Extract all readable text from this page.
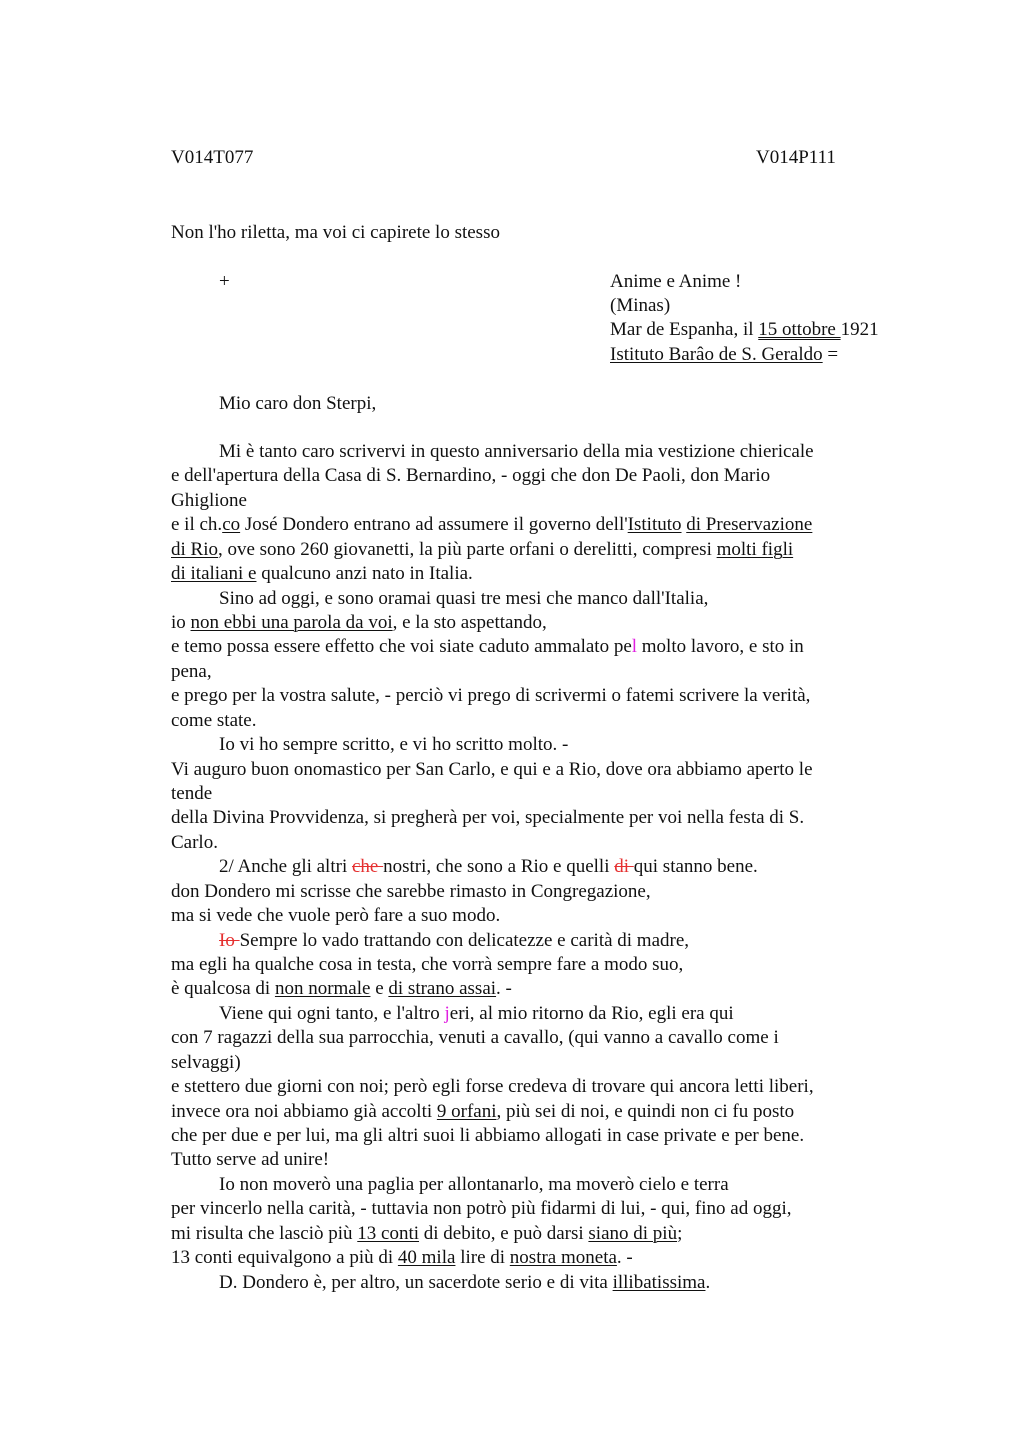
V014T077	V014P111
Non l'ho riletta, ma voi ci capirete lo stesso
+	Anime e Anime !
(Minas)
Mar de Espanha, il 15 ottobre 1921
Istituto Barâo de S. Geraldo =
Mio caro don Sterpi,
Mi è tanto caro scrivervi in questo anniversario della mia vestizione chiericale
e dell'apertura della Casa di S. Bernardino, - oggi che don De Paoli, don Mario
Ghiglione
e il ch.co José Dondero entrano ad assumere il governo dell'Istituto di Preservazione
di Rio, ove sono 260 giovanetti, la più parte orfani o derelitti, compresi molti figli
di italiani e qualcuno anzi nato in Italia.
Sino ad oggi, e sono oramai quasi tre mesi che manco dall'Italia,
io non ebbi una parola da voi, e la sto aspettando,
e temo possa essere effetto che voi siate caduto ammalato pel molto lavoro, e sto in
pena,
e prego per la vostra salute, - perciò vi prego di scrivermi o fatemi scrivere la verità,
come state.
Io vi ho sempre scritto, e vi ho scritto molto. -
Vi auguro buon onomastico per San Carlo, e qui e a Rio, dove ora abbiamo aperto le
tende
della Divina Provvidenza, si pregherà per voi, specialmente per voi nella festa di S.
Carlo.
2/ Anche gli altri che nostri, che sono a Rio e quelli di qui stanno bene.
don Dondero mi scrisse che sarebbe rimasto in Congregazione,
ma si vede che vuole però fare a suo modo.
Io Sempre lo vado trattando con delicatezze e carità di madre,
ma egli ha qualche cosa in testa, che vorrà sempre fare a modo suo,
è qualcosa di non normale e di strano assai. -
Viene qui ogni tanto, e l'altro jeri, al mio ritorno da Rio, egli era qui
con 7 ragazzi della sua parrocchia, venuti a cavallo, (qui vanno a cavallo come i
selvaggi)
e stettero due giorni con noi; però egli forse credeva di trovare qui ancora letti liberi,
invece ora noi abbiamo già accolti 9 orfani, più sei di noi, e quindi non ci fu posto
che per due e per lui, ma gli altri suoi li abbiamo allogati in case private e per bene.
Tutto serve ad unire!
Io non moverò una paglia per allontanarlo, ma moverò cielo e terra
per vincerlo nella carità, - tuttavia non potrò più fidarmi di lui, - qui, fino ad oggi,
mi risulta che lasciò più 13 conti di debito, e può darsi siano di più;
13 conti equivalgono a più di 40 mila lire di nostra moneta. -
D. Dondero è, per altro, un sacerdote serio e di vita illibatissima.
